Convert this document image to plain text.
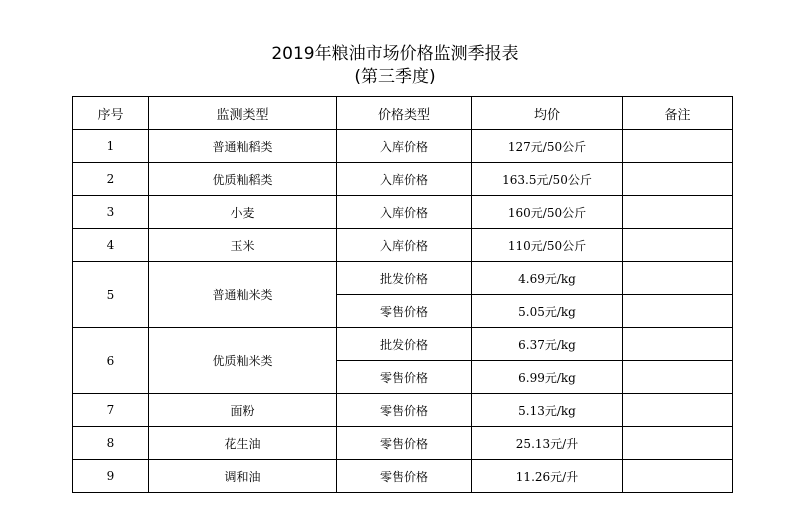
2019年粮油市场价格监测季报表
(第三季度)
序号	监测类型	价格类型	均价	备注
1	普通籼稻类	入库价格	127元/50公斤	
2	优质籼稻类	入库价格	163.5元/50公斤	
3	小麦	入库价格	160元/50公斤	
4	玉米	入库价格	110元/50公斤	
5	普通籼米类	批发价格	4.69元/kg	
		零售价格	5.05元/kg	
6	优质籼米类	批发价格	6.37元/kg	
		零售价格	6.99元/kg	
7	面粉	零售价格	5.13元/kg	
8	花生油	零售价格	25.13元/升	
9	调和油	零售价格	11.26元/升	
